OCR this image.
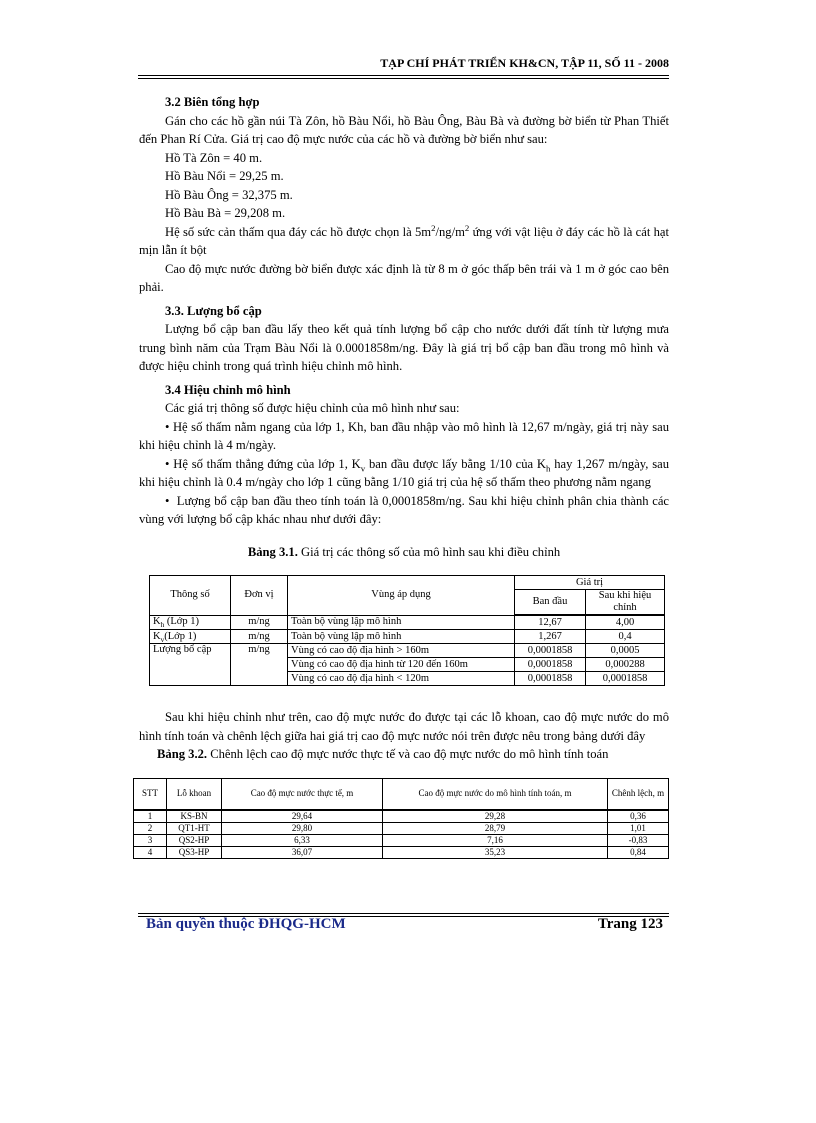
TẠP CHÍ PHÁT TRIỂN KH&CN, TẬP 11, SỐ 11 - 2008

3.2 Biên tổng hợp

Gán cho các hồ gần núi Tà Zôn, hồ Bàu Nổi, hồ Bàu Ông, Bàu Bà và đường bờ biển từ Phan Thiết đến Phan Rí Cửa. Giá trị cao độ mực nước của các hồ và đường bờ biển như sau:

Hồ Tà Zôn = 40 m.

Hồ Bàu Nổi = 29,25 m.

Hồ Bàu Ông = 32,375 m.

Hồ Bàu Bà = 29,208 m.

Hệ số sức cản thấm qua đáy các hồ được chọn là $5m^2/ng/m^2$ ứng với vật liệu ở đáy các hồ là cát hạt mịn lẫn ít bột

Cao độ mực nước đường bờ biển được xác định là từ 8 m ở góc thấp bên trái và 1 m ở góc cao bên phải.

3.3. Lượng bổ cập

Lượng bổ cập ban đầu lấy theo kết quả tính lượng bổ cập cho nước dưới đất tính từ lượng mưa trung bình năm của Trạm Bàu Nổi là 0.0001858m/ng. Đây là giá trị bổ cập ban đầu trong mô hình và được hiệu chỉnh trong quá trình hiệu chỉnh mô hình.

3.4 Hiệu chỉnh mô hình

Các giá trị thông số được hiệu chỉnh của mô hình như sau:

• Hệ số thấm nằm ngang của lớp 1, Kh, ban đầu nhập vào mô hình là 12,67 m/ngày, giá trị này sau khi hiệu chỉnh là 4 m/ngày.

• Hệ số thấm thẳng đứng của lớp 1, $K_v$ ban đầu được lấy bằng 1/10 của $K_h$ hay 1,267 m/ngày, sau khi hiệu chỉnh là 0.4 m/ngày cho lớp 1 cũng bằng 1/10 giá trị của hệ số thấm theo phương nằm ngang

• Lượng bổ cập ban đầu theo tính toán là 0,0001858m/ng. Sau khi hiệu chỉnh phân chia thành các vùng với lượng bổ cập khác nhau như dưới đây:

Bảng 3.1. Giá trị các thông số của mô hình sau khi điều chỉnh

Thông số	Đơn vị	Vùng áp dụng	Giá trị	
			Ban đầu	Sau khi hiệu chỉnh
$K_h$ (Lớp 1)	m/ng	Toàn bộ vùng lập mô hình	12,67	4,00
$K_v(Lớp$ 1)	m/ng	Toàn bộ vùng lập mô hình	1,267	0,4
Lượng bổ cập	m/ng	Vùng có cao độ địa hình > 160m	0,0001858	0,0005
		Vùng có cao độ địa hình từ 120 đến 160m	0,0001858	0,000288
		Vùng có cao độ địa hình < 120m	0,0001858	0,0001858

Sau khi hiệu chỉnh như trên, cao độ mực nước đo được tại các lỗ khoan, cao độ mực nước do mô hình tính toán và chênh lệch giữa hai giá trị cao độ mực nước nói trên được nêu trong bảng dưới đây

Bảng 3.2. Chênh lệch cao độ mực nước thực tế và cao độ mực nước do mô hình tính toán

STT	Lỗ khoan	Cao độ mực nước thực tế, m	Cao độ mực nước do mô hình tính toán, m	Chênh lệch, m
1	KS-BN	29,64	29,28	0,36
2	QT1-HT	29,80	28,79	1,01
3	QS2-HP	6,33	7,16	-0,83
4	QS3-HP	36,07	35,23	0,84
Bản quyền thuộc ĐHQG-HCM	Trang 123
